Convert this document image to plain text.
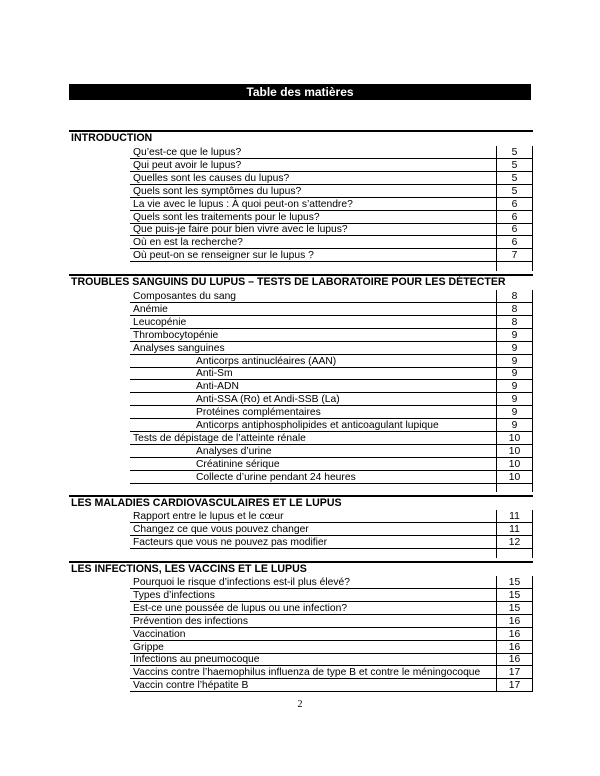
Table des matières
INTRODUCTION
Qu’est-ce que le lupus?	5
Qui peut avoir le lupus?	5
Quelles sont les causes du lupus?	5
Quels sont les symptômes du lupus?	5
La vie avec le lupus : À quoi peut-on s’attendre?	6
Quels sont les traitements pour le lupus?	6
Que puis-je faire pour bien vivre avec le lupus?	6
Où en est la recherche?	6
Où peut-on se renseigner sur le lupus ?	7
TROUBLES SANGUINS DU LUPUS – TESTS DE LABORATOIRE POUR LES DÉTECTER
Composantes du sang	8
Anémie	8
Leucopénie	8
Thrombocytopénie	9
Analyses sanguines	9
Anticorps antinucléaires (AAN)	9
Anti-Sm	9
Anti-ADN	9
Anti-SSA (Ro) et Andi-SSB (La)	9
Protéines complémentaires	9
Anticorps antiphospholipides et anticoagulant lupique	9
Tests de dépistage de l’atteinte rénale	10
Analyses d’urine	10
Créatinine sérique	10
Collecte d’urine pendant 24 heures	10
LES MALADIES CARDIOVASCULAIRES ET LE LUPUS
Rapport entre le lupus et le cœur	11
Changez ce que vous pouvez changer	11
Facteurs que vous ne pouvez pas modifier	12
LES INFECTIONS, LES VACCINS ET LE LUPUS
Pourquoi le risque d’infections est-il plus élevé?	15
Types d’infections	15
Est-ce une poussée de lupus ou une infection?	15
Prévention des infections	16
Vaccination	16
Grippe	16
Infections au pneumocoque	16
Vaccins contre l’haemophilus influenza de type B et contre le méningocoque	17
Vaccin contre l’hépatite B	17
2
